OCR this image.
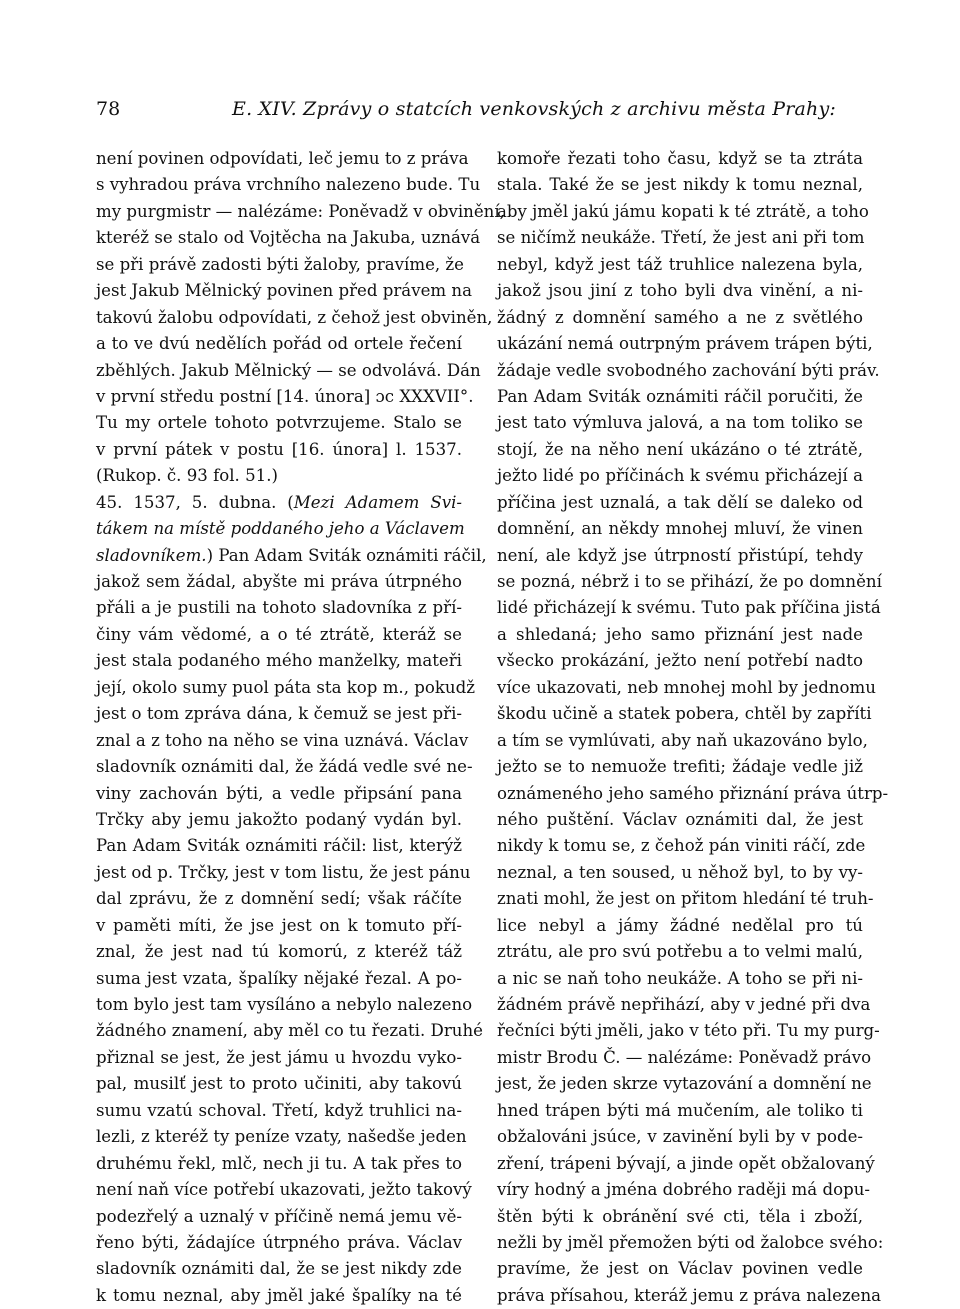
78	E. XIV. Zprávy o statcích venkovských z archivu města Prahy:
není povinen odpovídati, leč jemu to z práva
s vyhradou práva vrchního nalezeno bude. Tu
my purgmistr — nalézáme: Poněvadž v obvinění,
kteréž se stalo od Vojtěcha na Jakuba, uznává
se při právě zadosti býti žaloby, pravíme, že
jest Jakub Mělnický povinen před právem na
takovú žalobu odpovídati, z čehož jest obviněn,
a to ve dvú nedělích pořád od ortele řečení
zběhlých. Jakub Mělnický — se odvolává. Dán
v první středu postní [14. února] ɔc XXXVII°.
Tu my ortele tohoto potvrzujeme. Stalo se
v první pátek v postu [16. února] l. 1537.
(Rukop. č. 93 fol. 51.)
45. 1537, 5. dubna. (Mezi Adamem Svi-
tákem na místě poddaného jeho a Václavem
sladovníkem.) Pan Adam Sviták oznámiti ráčil,
jakož sem žádal, abyšte mi práva útrpného
přáli a je pustili na tohoto sladovníka z pří-
činy vám vědomé, a o té ztrátě, kteráž se
jest stala podaného mého manželky, mateři
její, okolo sumy puol páta sta kop m., pokudž
jest o tom zpráva dána, k čemuž se jest při-
znal a z toho na něho se vina uznává. Václav
sladovník oznámiti dal, že žádá vedle své ne-
viny zachován býti, a vedle připsání pana
Trčky aby jemu jakožto podaný vydán byl.
Pan Adam Sviták oznámiti ráčil: list, kterýž
jest od p. Trčky, jest v tom listu, že jest pánu
dal zprávu, že z domnění sedí; však ráčíte
v paměti míti, že jse jest on k tomuto pří-
znal, že jest nad tú komorú, z kteréž táž
suma jest vzata, špalíky nějaké řezal. A po-
tom bylo jest tam vysíláno a nebylo nalezeno
žádného znamení, aby měl co tu řezati. Druhé
přiznal se jest, že jest jámu u hvozdu vyko-
pal, musilť jest to proto učiniti, aby takovú
sumu vzatú schoval. Třetí, když truhlici na-
lezli, z kteréž ty peníze vzaty, našedše jeden
druhému řekl, mlč, nech ji tu. A tak přes to
není naň více potřebí ukazovati, ježto takový
podezřelý a uznalý v příčině nemá jemu vě-
řeno býti, žádajíce útrpného práva. Václav
sladovník oznámiti dal, že se jest nikdy zde
k tomu neznal, aby jměl jaké špalíky na té
komoře řezati toho času, když se ta ztráta
stala. Také že se jest nikdy k tomu neznal,
aby jměl jakú jámu kopati k té ztrátě, a toho
se ničímž neukáže. Třetí, že jest ani při tom
nebyl, když jest táž truhlice nalezena byla,
jakož jsou jiní z toho byli dva vinění, a ni-
žádný z domnění samého a ne z světlého
ukázání nemá outrpným právem trápen býti,
žádaje vedle svobodného zachování býti práv.
Pan Adam Sviták oznámiti ráčil poručiti, že
jest tato výmluva jalová, a na tom toliko se
stojí, že na něho není ukázáno o té ztrátě,
ježto lidé po příčinách k svému přicházejí a
příčina jest uznalá, a tak dělí se daleko od
domnění, an někdy mnohej mluví, že vinen
není, ale když jse útrpností přistúpí, tehdy
se pozná, nébrž i to se přihází, že po domnění
lidé přicházejí k svému. Tuto pak příčina jistá
a shledaná; jeho samo přiznání jest nade
všecko prokázání, ježto není potřebí nadto
více ukazovati, neb mnohej mohl by jednomu
škodu učině a statek pobera, chtěl by zapříti
a tím se vymlúvati, aby naň ukazováno bylo,
ježto se to nemuože trefiti; žádaje vedle již
oznámeného jeho samého přiznání práva útrp-
ného puštění. Václav oznámiti dal, že jest
nikdy k tomu se, z čehož pán viniti ráčí, zde
neznal, a ten soused, u něhož byl, to by vy-
znati mohl, že jest on přitom hledání té truh-
lice nebyl a jámy žádné nedělal pro tú
ztrátu, ale pro svú potřebu a to velmi malú,
a nic se naň toho neukáže. A toho se při ni-
žádném právě nepřihází, aby v jedné při dva
řečníci býti jměli, jako v této při. Tu my purg-
mistr Brodu Č. — nalézáme: Poněvadž právo
jest, že jeden skrze vytazování a domnění ne
hned trápen býti má mučením, ale toliko ti
obžalováni jsúce, v zavinění byli by v pode-
zření, trápeni bývají, a jinde opět obžalovaný
víry hodný a jména dobrého raději má dopu-
štěn býti k obránění své cti, těla i zboží,
nežli by jměl přemožen býti od žalobce svého:
pravíme, že jest on Václav povinen vedle
práva přísahou, kteráž jemu z práva nalezena
